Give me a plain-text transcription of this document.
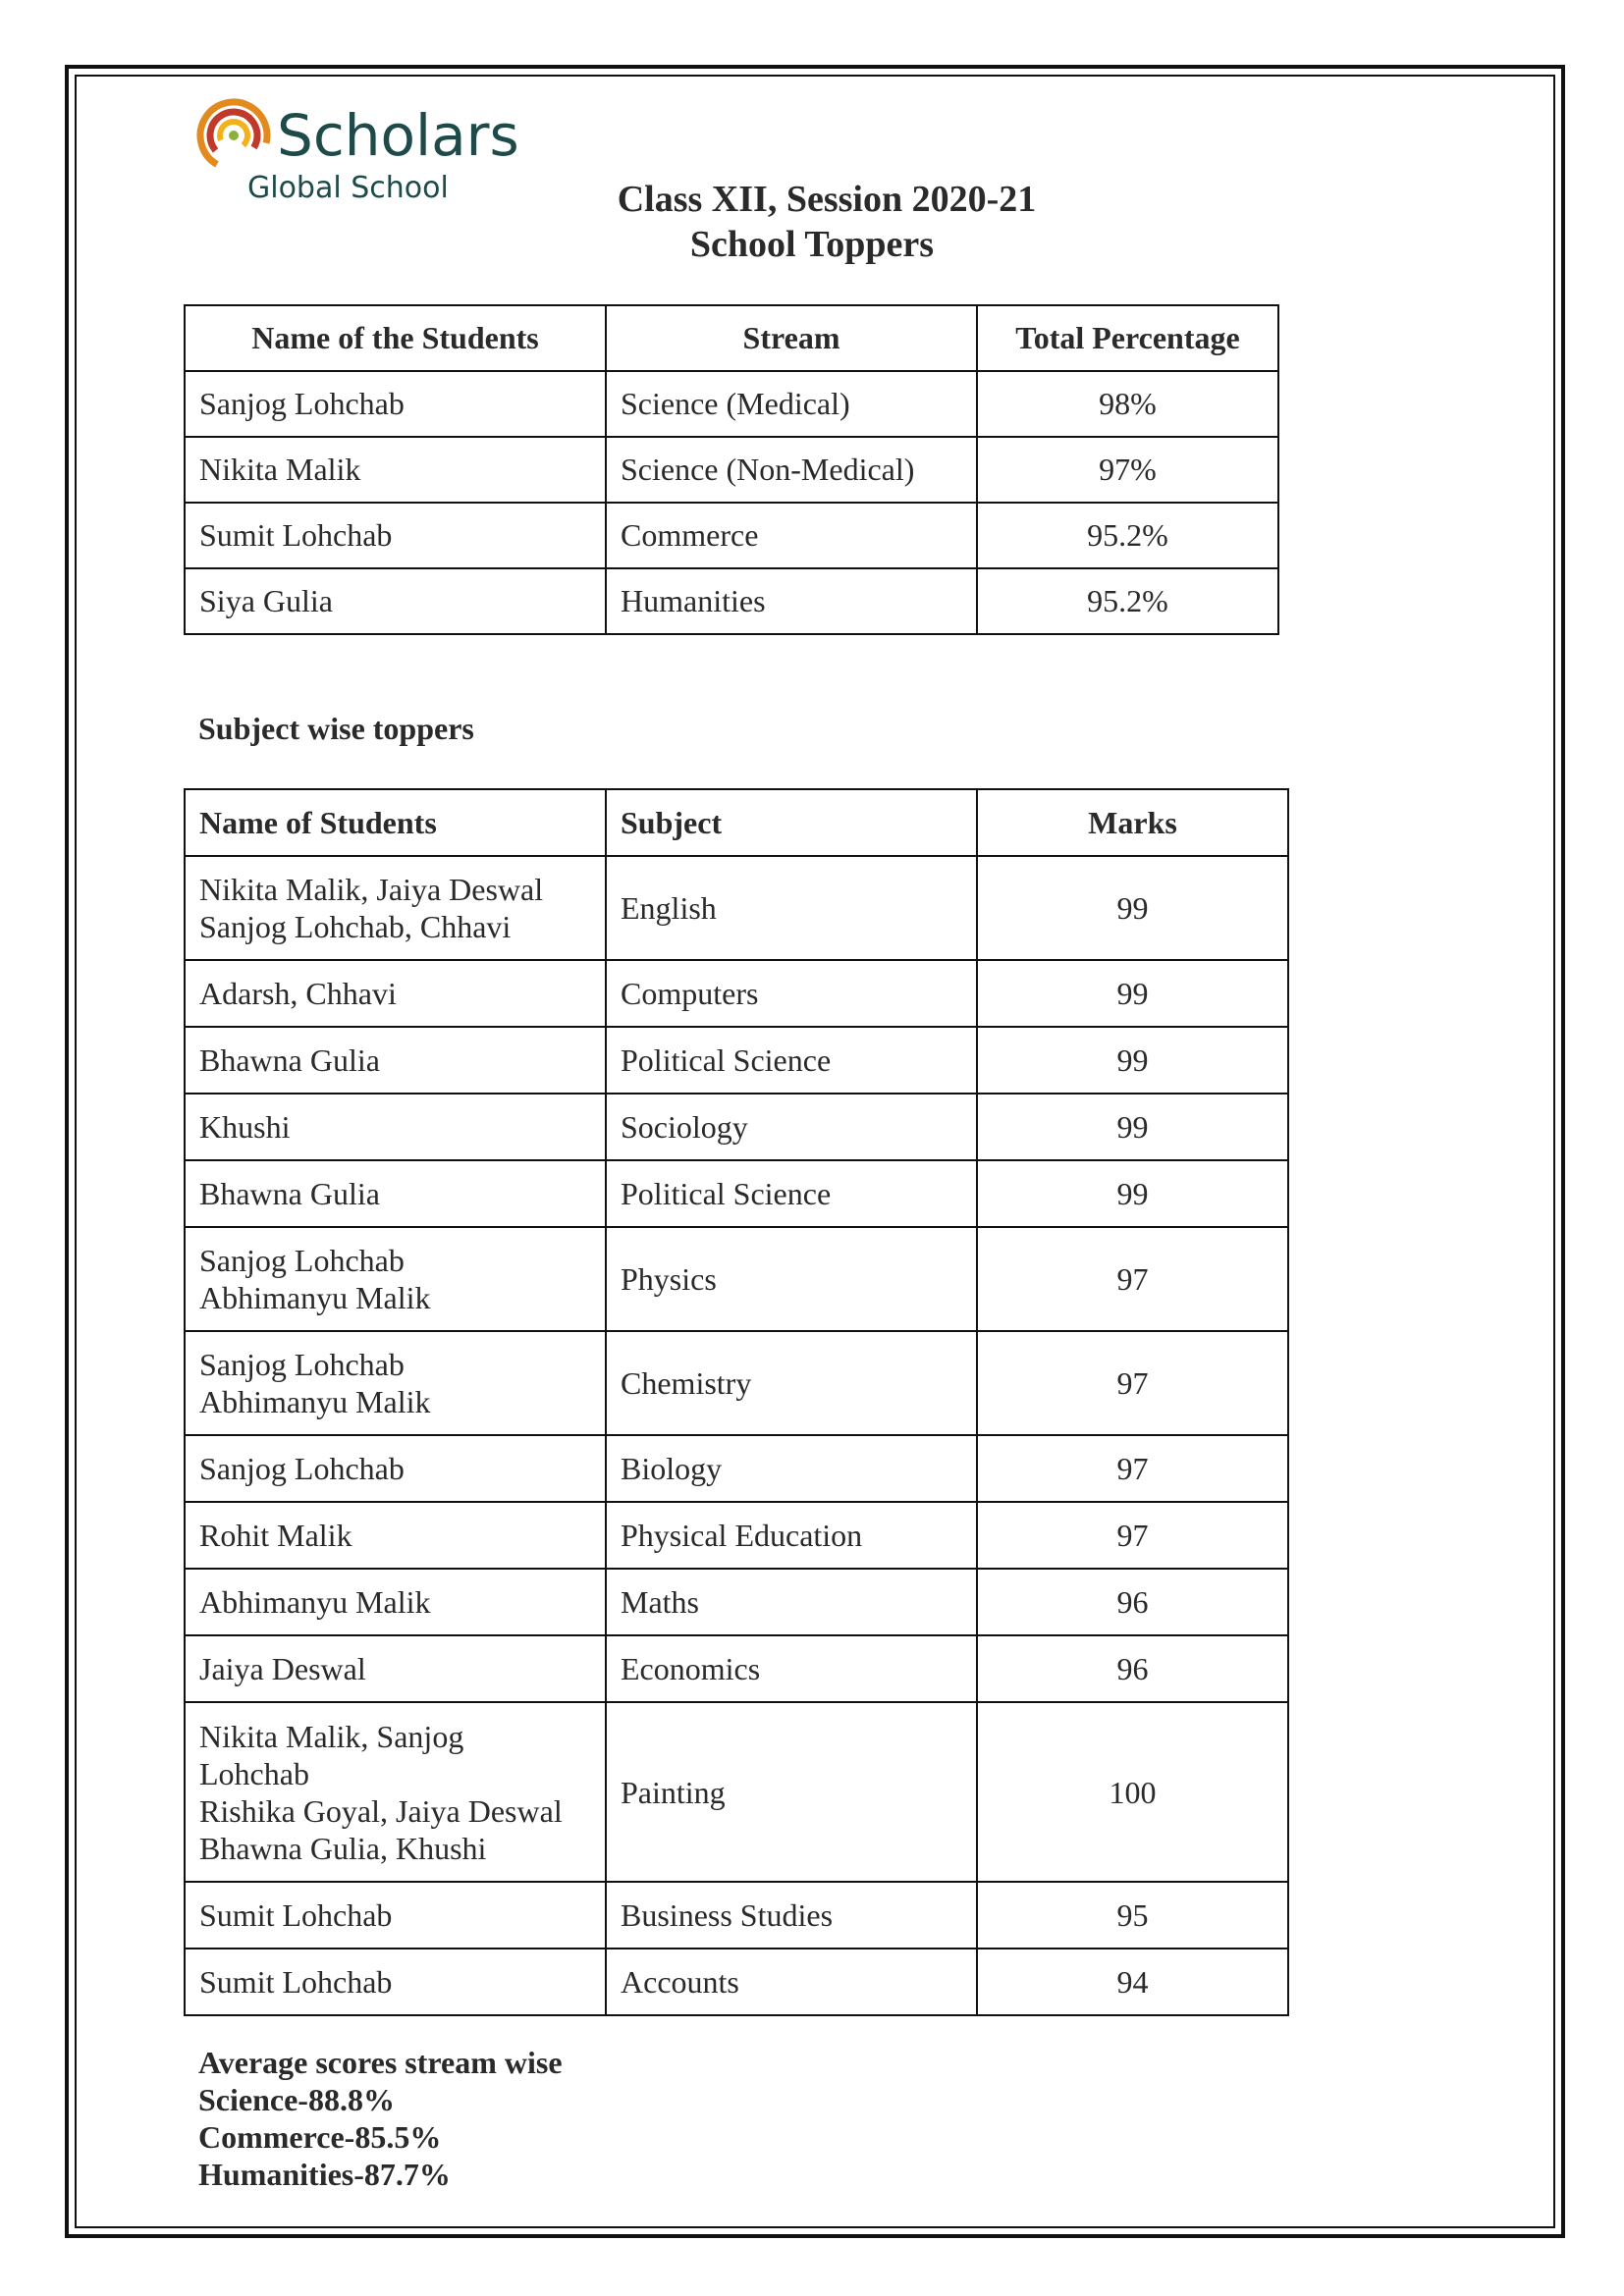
Scholars
Global School	Class XII, Session 2020-21
School Toppers
Name of the Students	Stream	Total Percentage
Sanjog Lohchab	Science (Medical)	98%
Nikita Malik	Science (Non-Medical)	97%
Sumit Lohchab	Commerce	95.2%
Siya Gulia	Humanities	95.2%
Subject wise toppers
Name of Students	Subject	Marks

Nikita Malik, Jaiya Deswal
Sanjog Lohchab, Chhavi	English	99

Adarsh, Chhavi	Computers	99

Bhawna Gulia	Political Science	99

Khushi	Sociology	99

Bhawna Gulia	Political Science	99

Sanjog Lohchab
Abhimanyu Malik	Physics	97

Sanjog Lohchab
Abhimanyu Malik	Chemistry	97

Sanjog Lohchab	Biology	97

Rohit Malik	Physical Education	97

Abhimanyu Malik	Maths	96

Jaiya Deswal	Economics	96

Nikita Malik, Sanjog
Lohchab
Rishika Goyal, Jaiya Deswal
Bhawna Gulia, Khushi	Painting	100

Sumit Lohchab	Business Studies	95

Sumit Lohchab	Accounts	94
Average scores stream wise
Science-88.8%
Commerce-85.5%
Humanities-87.7%
